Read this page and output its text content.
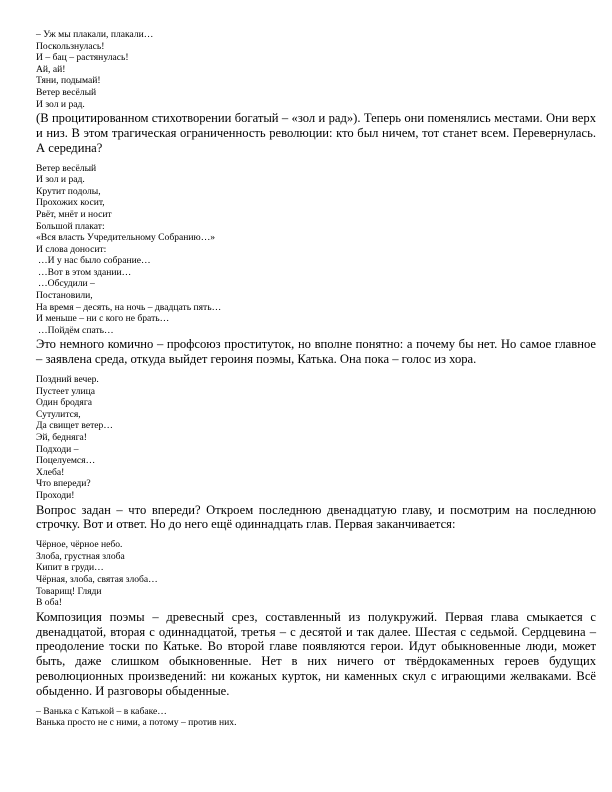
– Уж мы плакали, плакали…
Поскользнулась!
И – бац – растянулась!
Ай, ай!
Тяни, подымай!
Ветер весёлый
И зол и рад.

(В процитированном стихотворении богатый – «зол и рад»). Теперь они поменялись местами. Они верх и низ. В этом трагическая ограниченность революции: кто был ничем, тот станет всем. Перевернулась. А середина?

Ветер весёлый
И зол и рад.
Крутит подолы,
Прохожих косит,
Рвёт, мнёт и носит
Большой плакат:
«Вся власть Учредительному Собранию…»
И слова доносит:
…И у нас было собрание…
…Вот в этом здании…
…Обсудили –
Постановили,
На время – десять, на ночь – двадцать пять…
И меньше – ни с кого не брать…
…Пойдём спать…

Это немного комично – профсоюз проституток, но вполне понятно: а почему бы нет. Но самое главное – заявлена среда, откуда выйдет героиня поэмы, Катька. Она пока – голос из хора.

Поздний вечер.
Пустеет улица
Один бродяга
Сутулится,
Да свищет ветер…
Эй, бедняга!
Подходи –
Поцелуемся…
Хлеба!
Что впереди?
Проходи!

Вопрос задан – что впереди? Откроем последнюю двенадцатую главу, и посмотрим на последнюю строчку. Вот и ответ. Но до него ещё одиннадцать глав. Первая заканчивается:

Чёрное, чёрное небо.
Злоба, грустная злоба
Кипит в груди…
Чёрная, злоба, святая злоба…
Товарищ! Гляди
В оба!

Композиция поэмы – древесный срез, составленный из полукружий. Первая глава смыкается с двенадцатой, вторая с одиннадцатой, третья – с десятой и так далее. Шестая с седьмой. Сердцевина – преодоление тоски по Катьке. Во второй главе появляются герои. Идут обыкновенные люди, может быть, даже слишком обыкновенные. Нет в них ничего от твёрдокаменных героев будущих революционных произведений: ни кожаных курток, ни каменных скул с играющими желваками. Всё обыденно. И разговоры обыденные.

– Ванька с Катькой – в кабаке…
Ванька просто не с ними, а потому – против них.
